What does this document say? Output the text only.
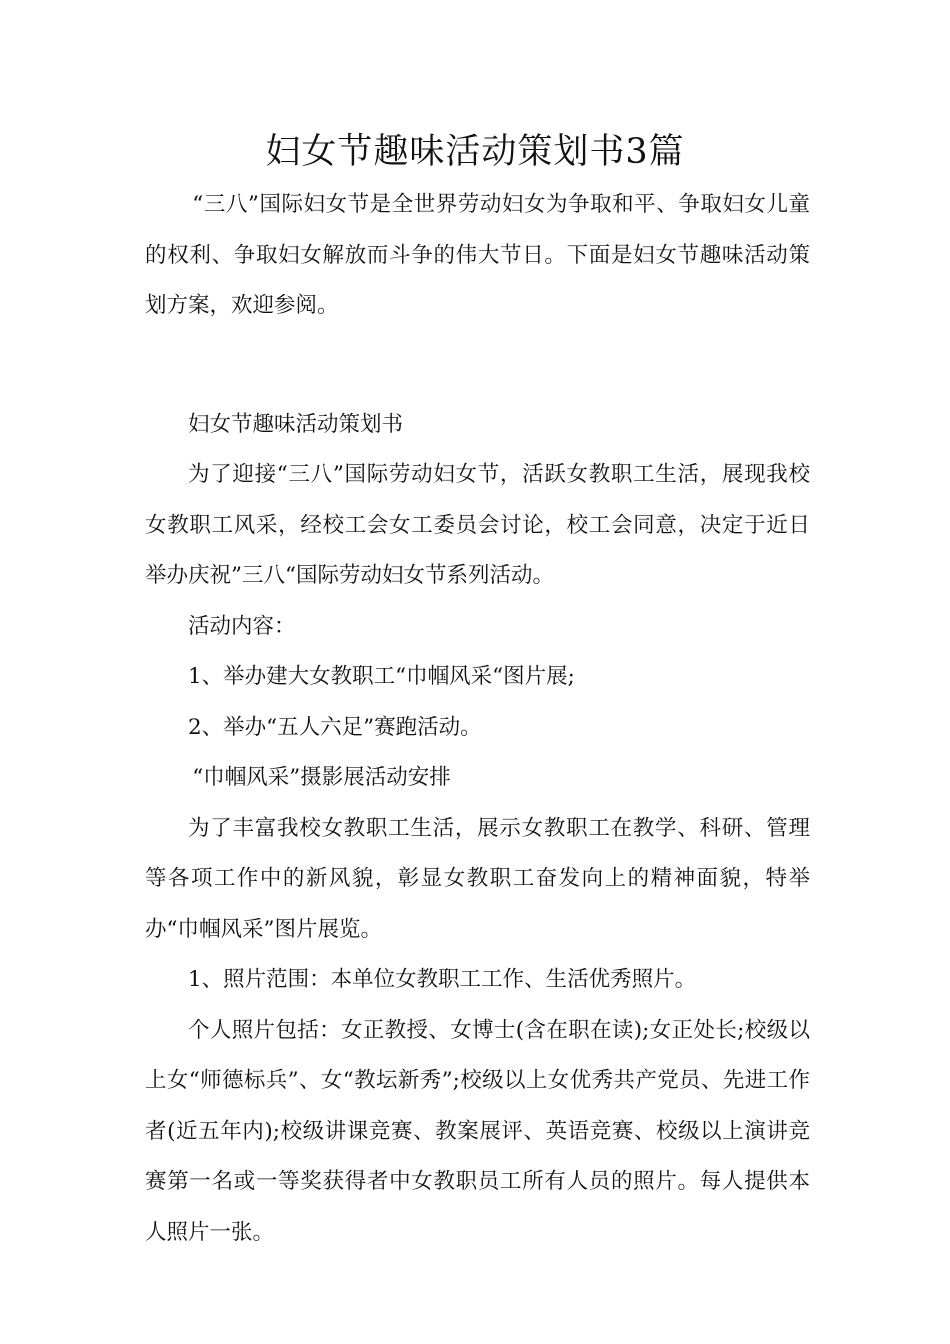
妇女节趣味活动策划书3篇

“三八”国际妇女节是全世界劳动妇女为争取和平、争取妇女儿童的权利、争取妇女解放而斗争的伟大节日。下面是妇女节趣味活动策划方案，欢迎参阅。

妇女节趣味活动策划书

为了迎接“三八”国际劳动妇女节，活跃女教职工生活，展现我校女教职工风采，经校工会女工委员会讨论，校工会同意，决定于近日举办庆祝”三八“国际劳动妇女节系列活动。

活动内容：

1、举办建大女教职工“巾帼风采“图片展;

2、举办“五人六足”赛跑活动。

“巾帼风采”摄影展活动安排

为了丰富我校女教职工生活，展示女教职工在教学、科研、管理等各项工作中的新风貌，彰显女教职工奋发向上的精神面貌，特举办“巾帼风采”图片展览。

1、照片范围：本单位女教职工工作、生活优秀照片。

个人照片包括：女正教授、女博士(含在职在读);女正处长;校级以上女“师德标兵”、女“教坛新秀”;校级以上女优秀共产党员、先进工作者(近五年内);校级讲课竞赛、教案展评、英语竞赛、校级以上演讲竞赛第一名或一等奖获得者中女教职员工所有人员的照片。每人提供本人照片一张。
